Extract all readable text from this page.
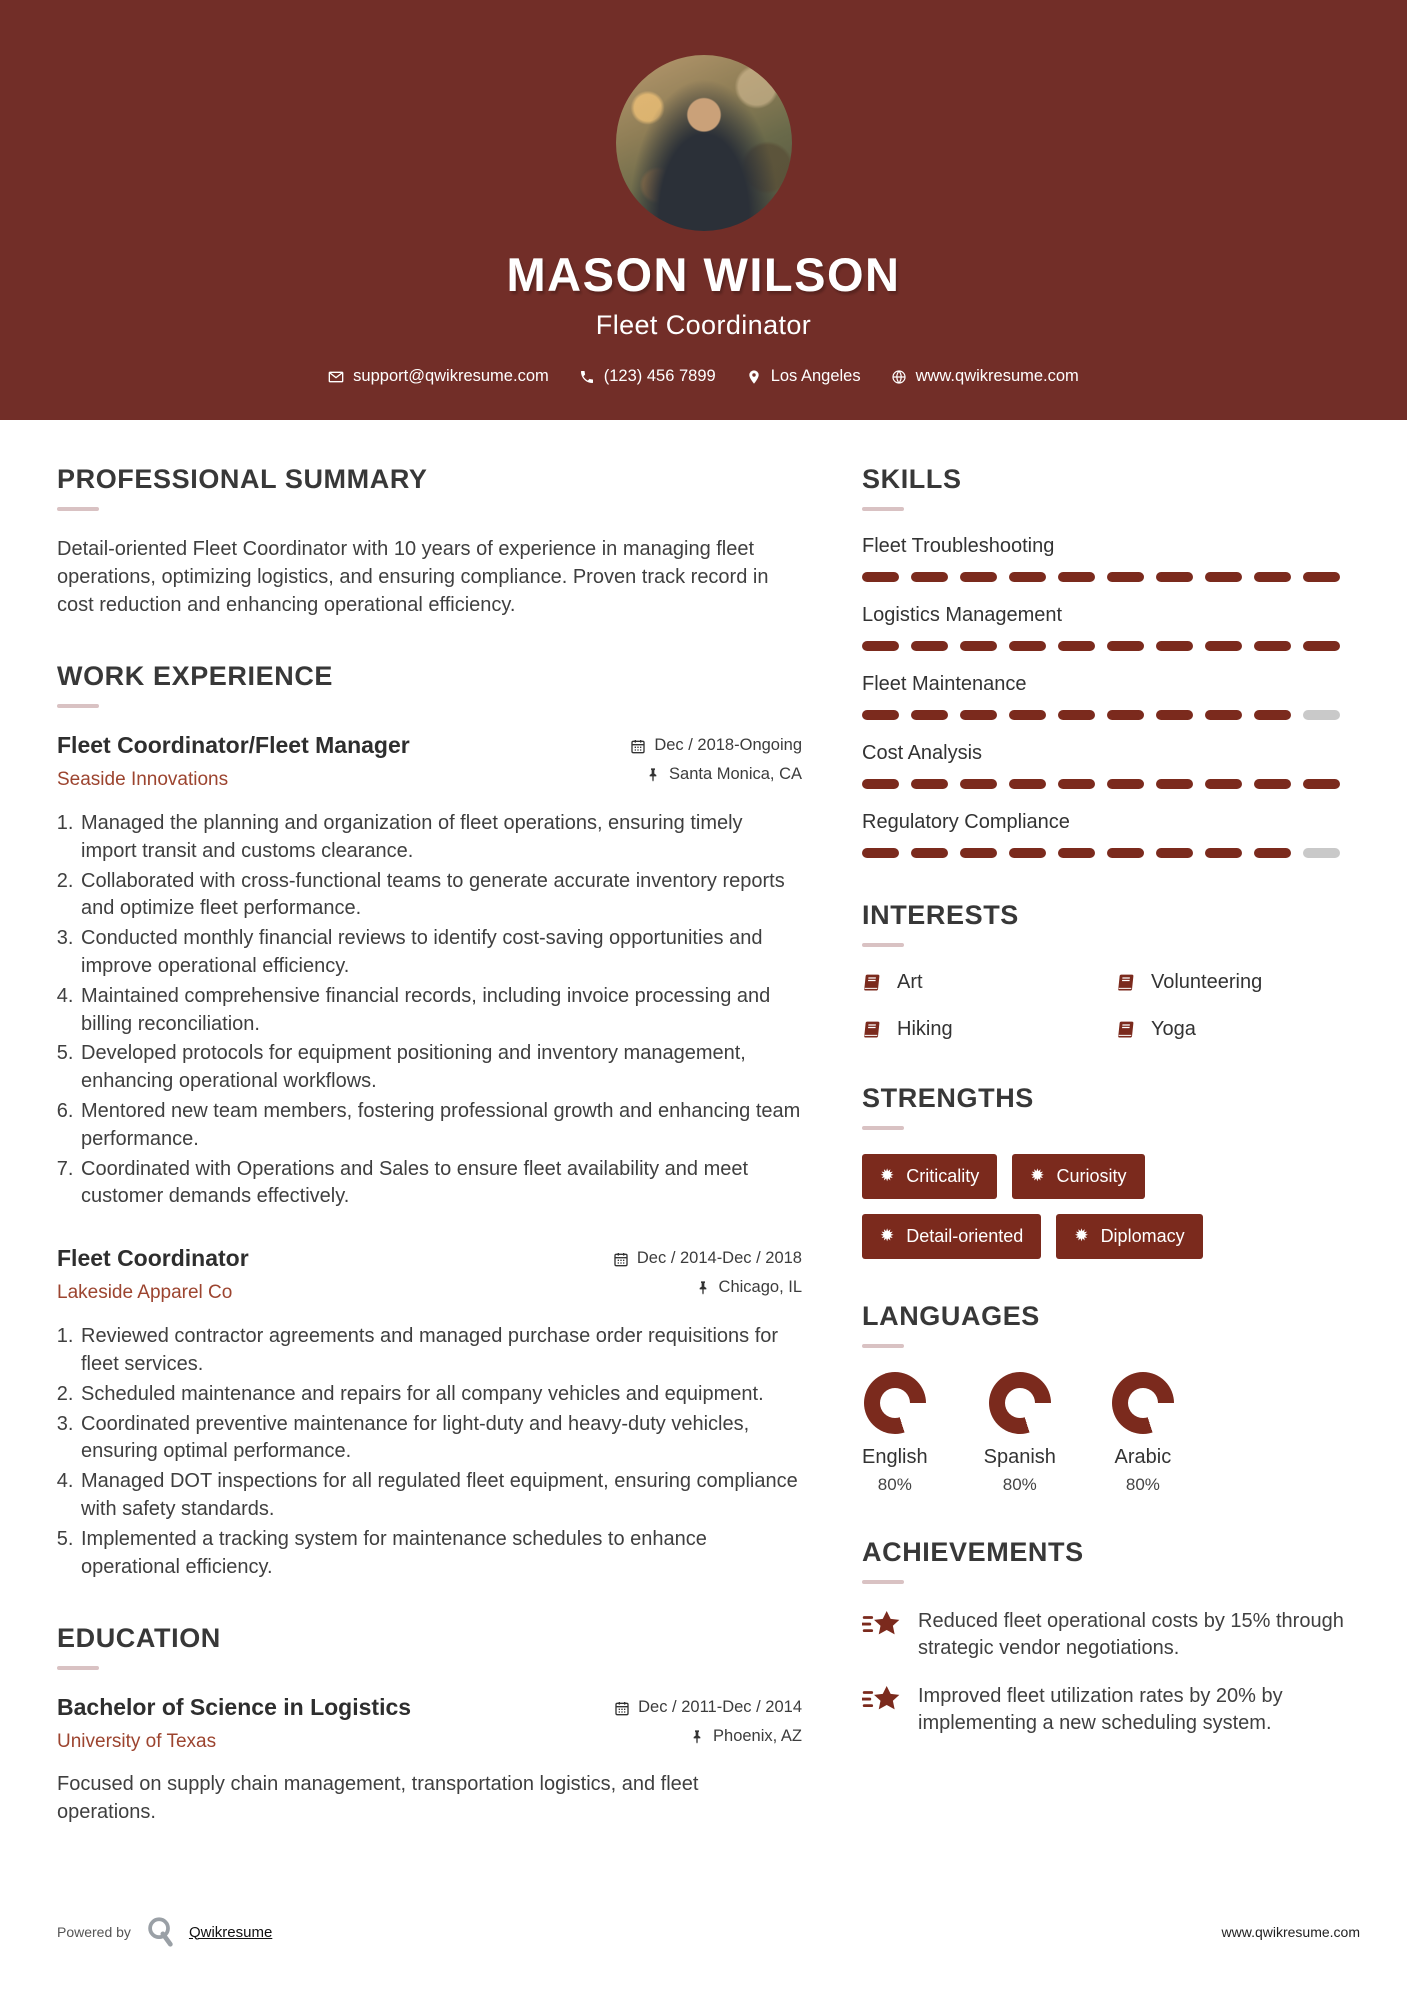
MASON WILSON
Fleet Coordinator
support@qwikresume.com	(123) 456 7899	Los Angeles	www.qwikresume.com
PROFESSIONAL SUMMARY

Detail-oriented Fleet Coordinator with 10 years of experience in managing fleet operations, optimizing logistics, and ensuring compliance. Proven track record in cost reduction and enhancing operational efficiency.

WORK EXPERIENCE
Fleet Coordinator/Fleet Manager
Seaside Innovations
Dec / 2018-Ongoing
Santa Monica, CA
1. Managed the planning and organization of fleet operations, ensuring timely import transit and customs clearance.
2. Collaborated with cross-functional teams to generate accurate inventory reports and optimize fleet performance.
3. Conducted monthly financial reviews to identify cost-saving opportunities and improve operational efficiency.
4. Maintained comprehensive financial records, including invoice processing and billing reconciliation.
5. Developed protocols for equipment positioning and inventory management, enhancing operational workflows.
6. Mentored new team members, fostering professional growth and enhancing team performance.
7. Coordinated with Operations and Sales to ensure fleet availability and meet customer demands effectively.
Fleet Coordinator
Lakeside Apparel Co
Dec / 2014-Dec / 2018
Chicago, IL
1. Reviewed contractor agreements and managed purchase order requisitions for fleet services.
2. Scheduled maintenance and repairs for all company vehicles and equipment.
3. Coordinated preventive maintenance for light-duty and heavy-duty vehicles, ensuring optimal performance.
4. Managed DOT inspections for all regulated fleet equipment, ensuring compliance with safety standards.
5. Implemented a tracking system for maintenance schedules to enhance operational efficiency.
EDUCATION
Bachelor of Science in Logistics
University of Texas
Dec / 2011-Dec / 2014
Phoenix, AZ

Focused on supply chain management, transportation logistics, and fleet operations.

SKILLS
Fleet Troubleshooting
Logistics Management
Fleet Maintenance
Cost Analysis
Regulatory Compliance
INTERESTS
Art	Volunteering
Hiking	Yoga
STRENGTHS
✹ Criticality	✹ Curiosity
✹ Detail-oriented	✹ Diplomacy
LANGUAGES
English
80%
Spanish
80%
Arabic
80%
ACHIEVEMENTS
Reduced fleet operational costs by 15% through strategic vendor negotiations.
Improved fleet utilization rates by 20% by implementing a new scheduling system.
Powered by	Qwikresume	www.qwikresume.com
